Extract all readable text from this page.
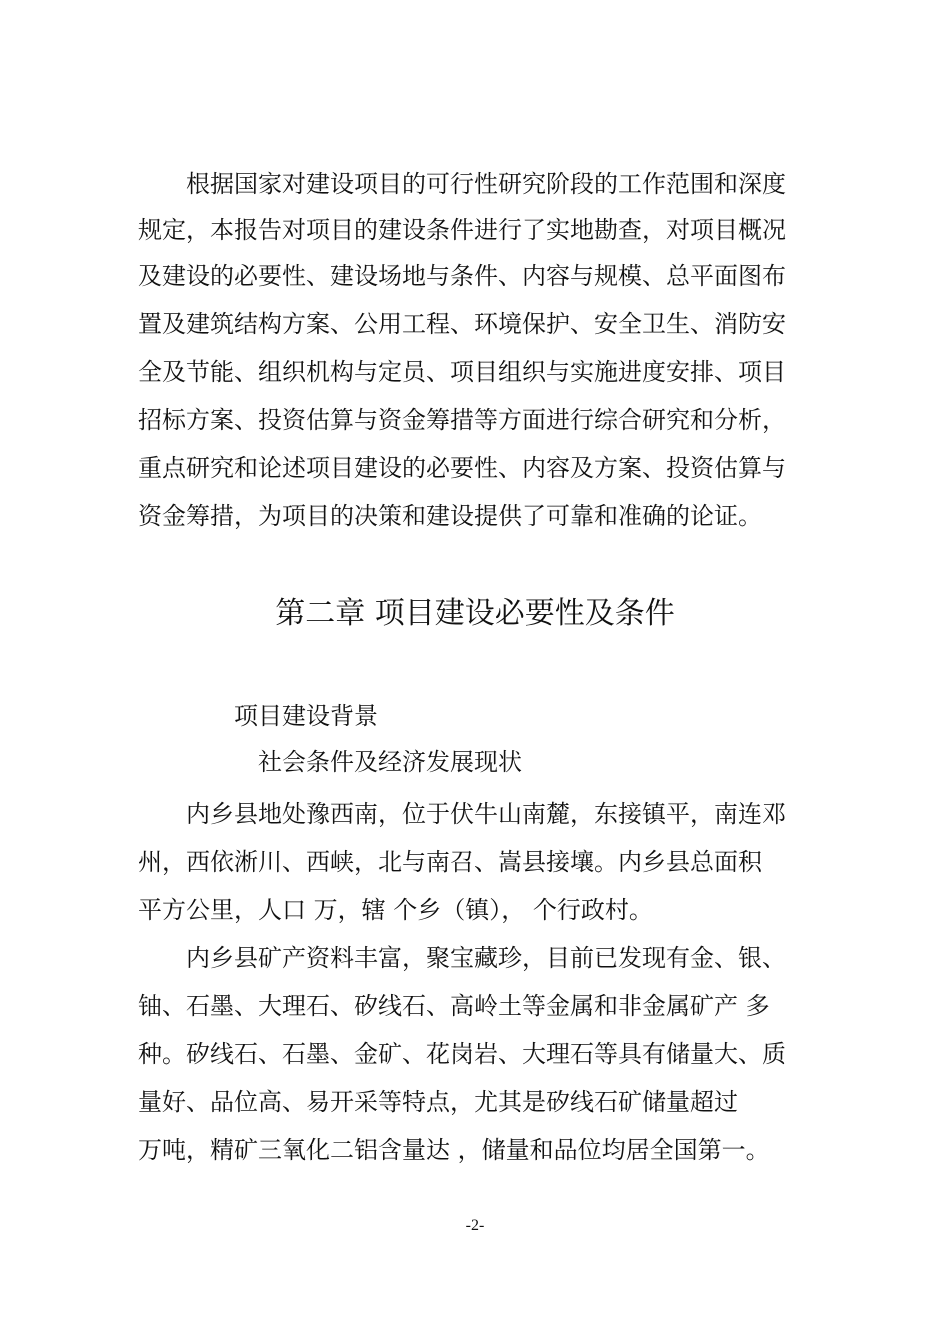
根据国家对建设项目的可行性研究阶段的工作范围和深度
规定，本报告对项目的建设条件进行了实地勘查，对项目概况
及建设的必要性、建设场地与条件、内容与规模、总平面图布
置及建筑结构方案、公用工程、环境保护、安全卫生、消防安
全及节能、组织机构与定员、项目组织与实施进度安排、项目
招标方案、投资估算与资金筹措等方面进行综合研究和分析，
重点研究和论述项目建设的必要性、内容及方案、投资估算与
资金筹措，为项目的决策和建设提供了可靠和准确的论证。
第二章 项目建设必要性及条件
项目建设背景
社会条件及经济发展现状
内乡县地处豫西南，位于伏牛山南麓，东接镇平，南连邓
州，西依淅川、西峡，北与南召、嵩县接壤。内乡县总面积
平方公里，人口 万，辖 个乡（镇）， 个行政村。
内乡县矿产资料丰富，聚宝藏珍，目前已发现有金、银、
铀、石墨、大理石、矽线石、高岭土等金属和非金属矿产 多
种。矽线石、石墨、金矿、花岗岩、大理石等具有储量大、质
量好、品位高、易开采等特点，尤其是矽线石矿储量超过
万吨，精矿三氧化二铝含量达 ，储量和品位均居全国第一。
-2-
